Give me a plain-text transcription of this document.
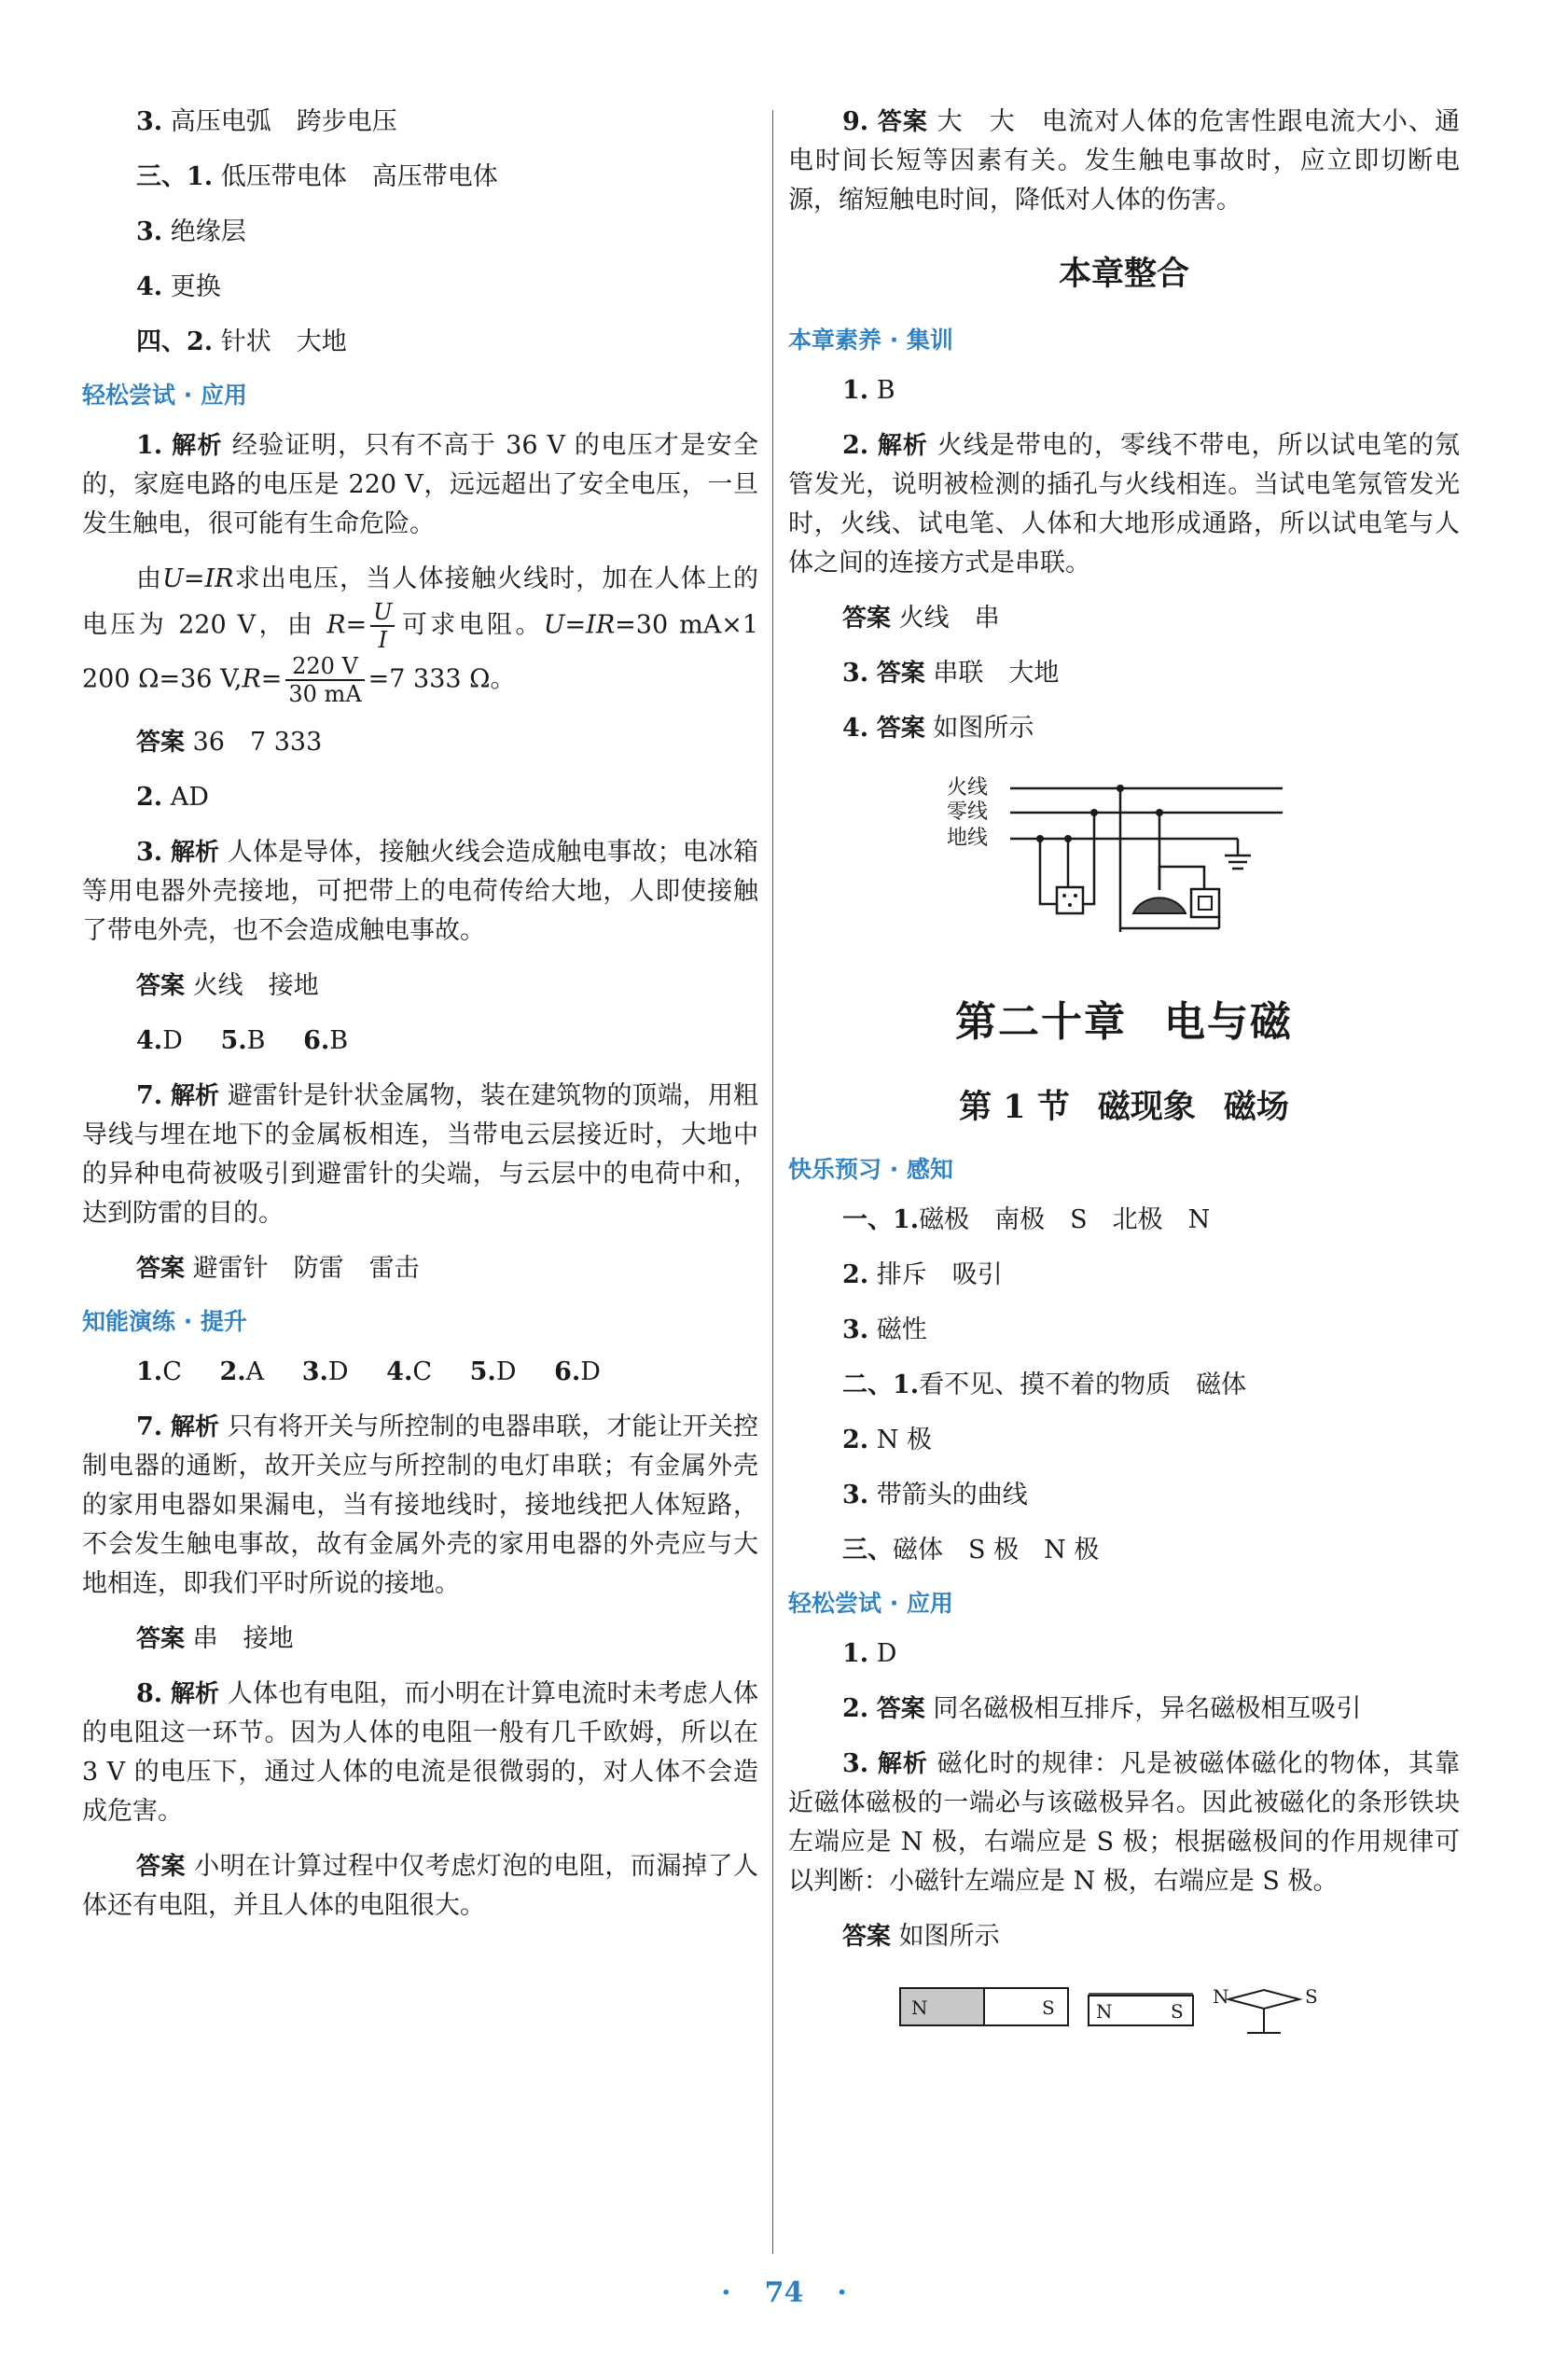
3. 高压电弧　跨步电压

三、1. 低压带电体　高压带电体

3. 绝缘层

4. 更换

四、2. 针状　大地

轻松尝试 · 应用

1. 解析 经验证明，只有不高于 36 V 的电压才是安全的，家庭电路的电压是 220 V，远远超出了安全电压，一旦发生触电，很可能有生命危险。

由U=IR求出电压，当人体接触火线时，加在人体上的电压为 220 V，由 $R= \frac{U}{I}$ 可求电阻。U=IR=30 mA×1 200 Ω=36 $V,R= \frac{220 V}{30 mA} =7$ 333 Ω。

答案 36　7 333

2. AD

3. 解析 人体是导体，接触火线会造成触电事故；电冰箱等用电器外壳接地，可把带上的电荷传给大地，人即使接触了带电外壳，也不会造成触电事故。

答案 火线　接地

4.D 5.B 6.B

7. 解析 避雷针是针状金属物，装在建筑物的顶端，用粗导线与埋在地下的金属板相连，当带电云层接近时，大地中的异种电荷被吸引到避雷针的尖端，与云层中的电荷中和，达到防雷的目的。

答案 避雷针　防雷　雷击

知能演练 · 提升

1.C 2.A 3.D 4.C 5.D 6.D

7. 解析 只有将开关与所控制的电器串联，才能让开关控制电器的通断，故开关应与所控制的电灯串联；有金属外壳的家用电器如果漏电，当有接地线时，接地线把人体短路，不会发生触电事故，故有金属外壳的家用电器的外壳应与大地相连，即我们平时所说的接地。

答案 串　接地

8. 解析 人体也有电阻，而小明在计算电流时未考虑人体的电阻这一环节。因为人体的电阻一般有几千欧姆，所以在 3 V 的电压下，通过人体的电流是很微弱的，对人体不会造成危害。

答案 小明在计算过程中仅考虑灯泡的电阻，而漏掉了人体还有电阻，并且人体的电阻很大。

9. 答案 大　大　电流对人体的危害性跟电流大小、通电时间长短等因素有关。发生触电事故时，应立即切断电源，缩短触电时间，降低对人体的伤害。

本章整合
本章素养 · 集训

1. B

2. 解析 火线是带电的，零线不带电，所以试电笔的氖管发光，说明被检测的插孔与火线相连。当试电笔氖管发光时，火线、试电笔、人体和大地形成通路，所以试电笔与人体之间的连接方式是串联。

答案 火线　串

3. 答案 串联　大地

4. 答案 如图所示

火线
零线
地线
第二十章 电与磁
第 1 节 磁现象 磁场
快乐预习 · 感知

一、1.磁极　南极　S　北极　N

2. 排斥　吸引

3. 磁性

二、1.看不见、摸不着的物质　磁体

2. N 极

3. 带箭头的曲线

三、磁体　S 极　N 极

轻松尝试 · 应用

1. D

2. 答案 同名磁极相互排斥，异名磁极相互吸引

3. 解析 磁化时的规律：凡是被磁体磁化的物体，其靠近磁体磁极的一端必与该磁极异名。因此被磁化的条形铁块左端应是 N 极，右端应是 S 极；根据磁极间的作用规律可以判断：小磁针左端应是 N 极，右端应是 S 极。

答案 如图所示

N	S N	S
N	S
· 74 ·
